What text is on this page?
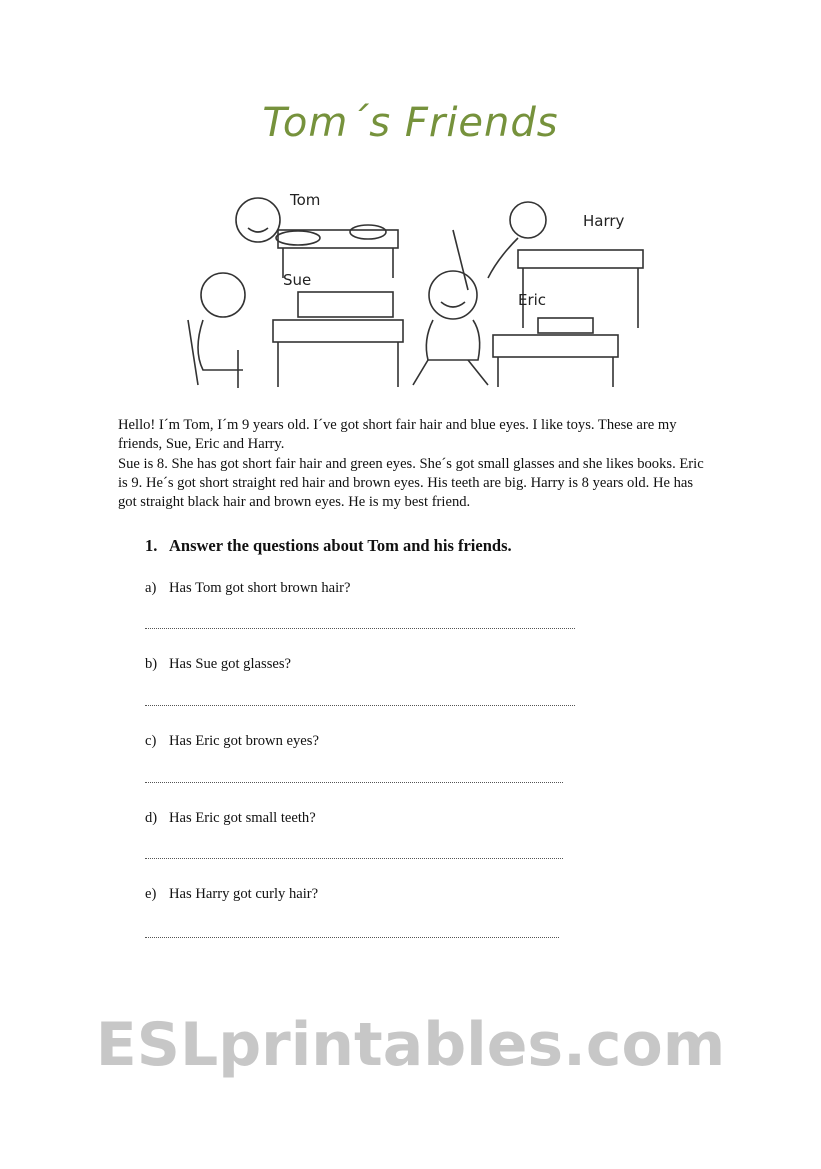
Tom´s Friends
Tom
Harry
Sue
Eric

Hello! I´m Tom, I´m 9 years old. I´ve got short fair hair and blue eyes. I like toys. These are my friends, Sue, Eric and Harry.

Sue is 8. She has got short fair hair and green eyes. She´s got small glasses and she likes books. Eric is 9. He´s got short straight red hair and brown eyes. His teeth are big. Harry is 8 years old. He has got straight black hair and brown eyes. He is my best friend.

1. Answer the questions about Tom and his friends.
a) Has Tom got short brown hair?
b) Has Sue got glasses?
c) Has Eric got brown eyes?
d) Has Eric got small teeth?
e) Has Harry got curly hair?
ESLprintables.com
